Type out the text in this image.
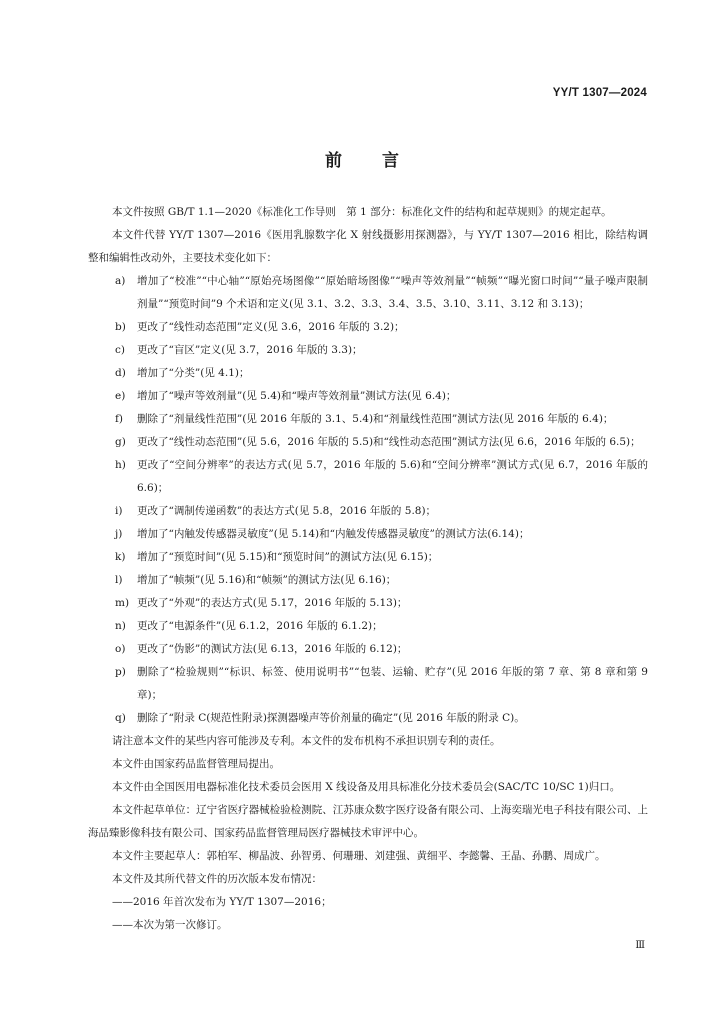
YY/T 1307—2024
前言
本文件按照 GB/T 1.1—2020《标准化工作导则　第 1 部分：标准化文件的结构和起草规则》的规定起草。
本文件代替 YY/T 1307—2016《医用乳腺数字化 X 射线摄影用探测器》，与 YY/T 1307—2016 相比，除结构调整和编辑性改动外，主要技术变化如下：
a) 增加了“校准”“中心轴”“原始亮场图像”“原始暗场图像”“噪声等效剂量”“帧频”“曝光窗口时间”“量子噪声限制剂量”“预览时间”9 个术语和定义(见 3.1、3.2、3.3、3.4、3.5、3.10、3.11、3.12 和 3.13)；
b) 更改了“线性动态范围”定义(见 3.6，2016 年版的 3.2)；
c) 更改了“盲区”定义(见 3.7，2016 年版的 3.3)；
d) 增加了“分类”(见 4.1)；
e) 增加了“噪声等效剂量”(见 5.4)和“噪声等效剂量”测试方法(见 6.4)；
f) 删除了“剂量线性范围”(见 2016 年版的 3.1、5.4)和“剂量线性范围”测试方法(见 2016 年版的 6.4)；
g) 更改了“线性动态范围”(见 5.6，2016 年版的 5.5)和“线性动态范围”测试方法(见 6.6，2016 年版的 6.5)；
h) 更改了“空间分辨率”的表达方式(见 5.7，2016 年版的 5.6)和“空间分辨率”测试方式(见 6.7，2016 年版的 6.6)；
i) 更改了“调制传递函数”的表达方式(见 5.8，2016 年版的 5.8)；
j) 增加了“内触发传感器灵敏度”(见 5.14)和“内触发传感器灵敏度”的测试方法(6.14)；
k) 增加了“预览时间”(见 5.15)和“预览时间”的测试方法(见 6.15)；
l) 增加了“帧频”(见 5.16)和“帧频”的测试方法(见 6.16)；
m) 更改了“外观”的表达方式(见 5.17，2016 年版的 5.13)；
n) 更改了“电源条件”(见 6.1.2，2016 年版的 6.1.2)；
o) 更改了“伪影”的测试方法(见 6.13，2016 年版的 6.12)；
p) 删除了“检验规则”“标识、标签、使用说明书”“包装、运输、贮存”(见 2016 年版的第 7 章、第 8 章和第 9 章)；
q) 删除了“附录 C(规范性附录)探测器噪声等价剂量的确定”(见 2016 年版的附录 C)。
请注意本文件的某些内容可能涉及专利。本文件的发布机构不承担识别专利的责任。
本文件由国家药品监督管理局提出。
本文件由全国医用电器标准化技术委员会医用 X 线设备及用具标准化分技术委员会(SAC/TC 10/SC 1)归口。
本文件起草单位：辽宁省医疗器械检验检测院、江苏康众数字医疗设备有限公司、上海奕瑞光电子科技有限公司、上海品臻影像科技有限公司、国家药品监督管理局医疗器械技术审评中心。
本文件主要起草人：郭柏军、柳晶波、孙智勇、何珊珊、刘建强、黄细平、李懿馨、王晶、孙鹏、周成广。
本文件及其所代替文件的历次版本发布情况：
——2016 年首次发布为 YY/T 1307—2016；
——本次为第一次修订。
Ⅲ
